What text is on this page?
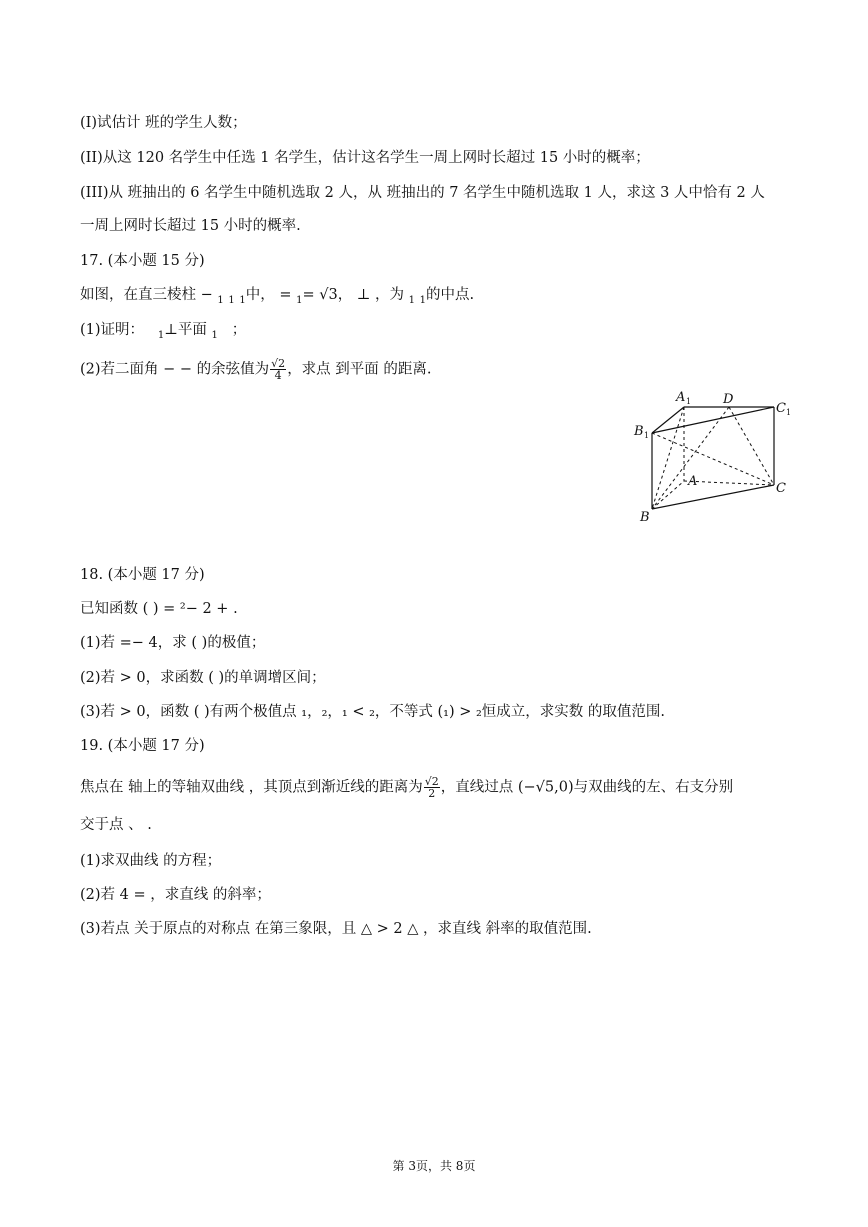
(I)试估计 班的学生人数；
(II)从这 120 名学生中任选 1 名学生，估计这名学生一周上网时长超过 15 小时的概率；
(III)从 班抽出的 6 名学生中随机选取 2 人，从 班抽出的 7 名学生中随机选取 1 人，求这 3 人中恰有 2 人
一周上网时长超过 15 小时的概率.
17. (本小题 15 分)
如图，在直三棱柱 − $_1$ $_1$ $_1$中， = $_1$= √3， ⊥ ，为 $_1$ $_1$的中点.
(1)证明： $_1$⊥平面 $_1$ ；
(2)若二面角 − − 的余弦值为 $\frac{√2}{4}$ ，求点 到平面 的距离.
A 1 D
C 1
B 1
A	C
B
18. (本小题 17 分)
已知函数 ( ) = ²− 2 + .
(1)若 =− 4，求 ( )的极值；
(2)若 > 0，求函数 ( )的单调增区间；
(3)若 > 0，函数 ( )有两个极值点 ₁，₂，₁ < ₂，不等式 (₁) > ₂恒成立，求实数 的取值范围.
19. (本小题 17 分)
焦点在 轴上的等轴双曲线 ，其顶点到渐近线的距离为 $\frac{√2}{2}$ ，直线过点 (−√5,0)与双曲线的左、右支分别
交于点 、 .
(1)求双曲线 的方程；
(2)若 4 = ，求直线 的斜率；
(3)若点 关于原点的对称点 在第三象限，且 △ > 2 △ ，求直线 斜率的取值范围.
第 3页，共 8页
